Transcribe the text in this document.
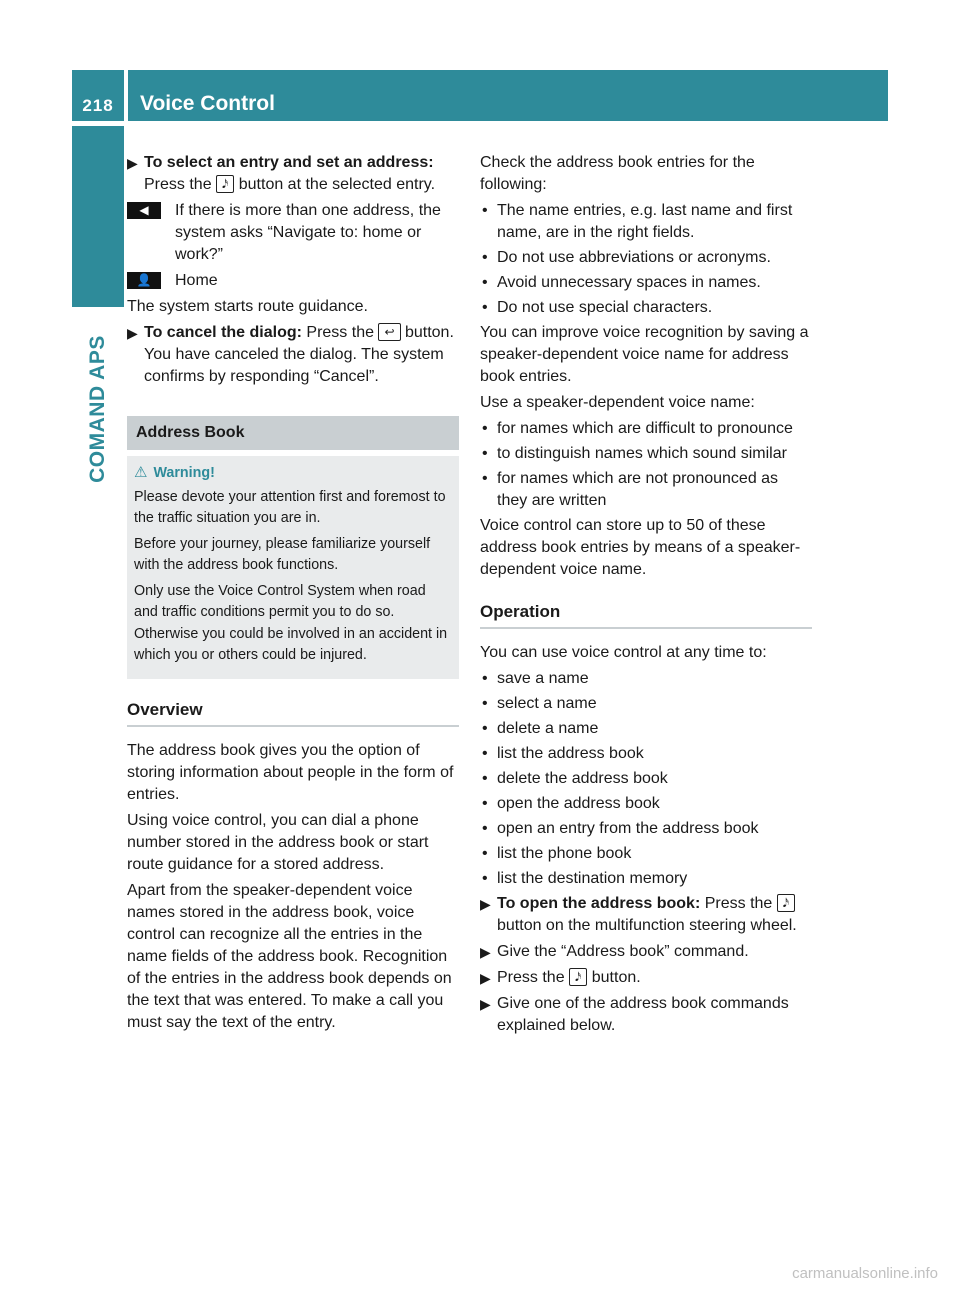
218	Voice Control
COMAND APS
▶ To select an entry and set an address:
Press the 𝅘𝅥𝅯 button at the selected entry.
◀	If there is more than one address, the system asks “Navigate to: home or work?”
👤	Home

The system starts route guidance.

▶ To cancel the dialog: Press the ↩ button.
You have canceled the dialog. The system confirms by responding “Cancel”.
Address Book
⚠ Warning!

Please devote your attention first and foremost to the traffic situation you are in.

Before your journey, please familiarize yourself with the address book functions.

Only use the Voice Control System when road and traffic conditions permit you to do so. Otherwise you could be involved in an accident in which you or others could be injured.

Overview

The address book gives you the option of storing information about people in the form of entries.

Using voice control, you can dial a phone number stored in the address book or start route guidance for a stored address.

Apart from the speaker-dependent voice names stored in the address book, voice control can recognize all the entries in the name fields of the address book. Recognition of the entries in the address book depends on the text that was entered. To make a call you must say the text of the entry.

Check the address book entries for the following:

• The name entries, e.g. last name and first name, are in the right fields.
• Do not use abbreviations or acronyms.
• Avoid unnecessary spaces in names.
• Do not use special characters.

You can improve voice recognition by saving a speaker-dependent voice name for address book entries.

Use a speaker-dependent voice name:

• for names which are difficult to pronounce
• to distinguish names which sound similar
• for names which are not pronounced as they are written

Voice control can store up to 50 of these address book entries by means of a speaker-dependent voice name.

Operation

You can use voice control at any time to:

• save a name
• select a name
• delete a name
• list the address book
• delete the address book
• open the address book
• open an entry from the address book
• list the phone book
• list the destination memory
▶ To open the address book: Press the 𝅘𝅥𝅯 button on the multifunction steering wheel.
▶ Give the “Address book” command.
▶ Press the 𝅘𝅥𝅯 button.
▶ Give one of the address book commands explained below.
carmanualsonline.info
